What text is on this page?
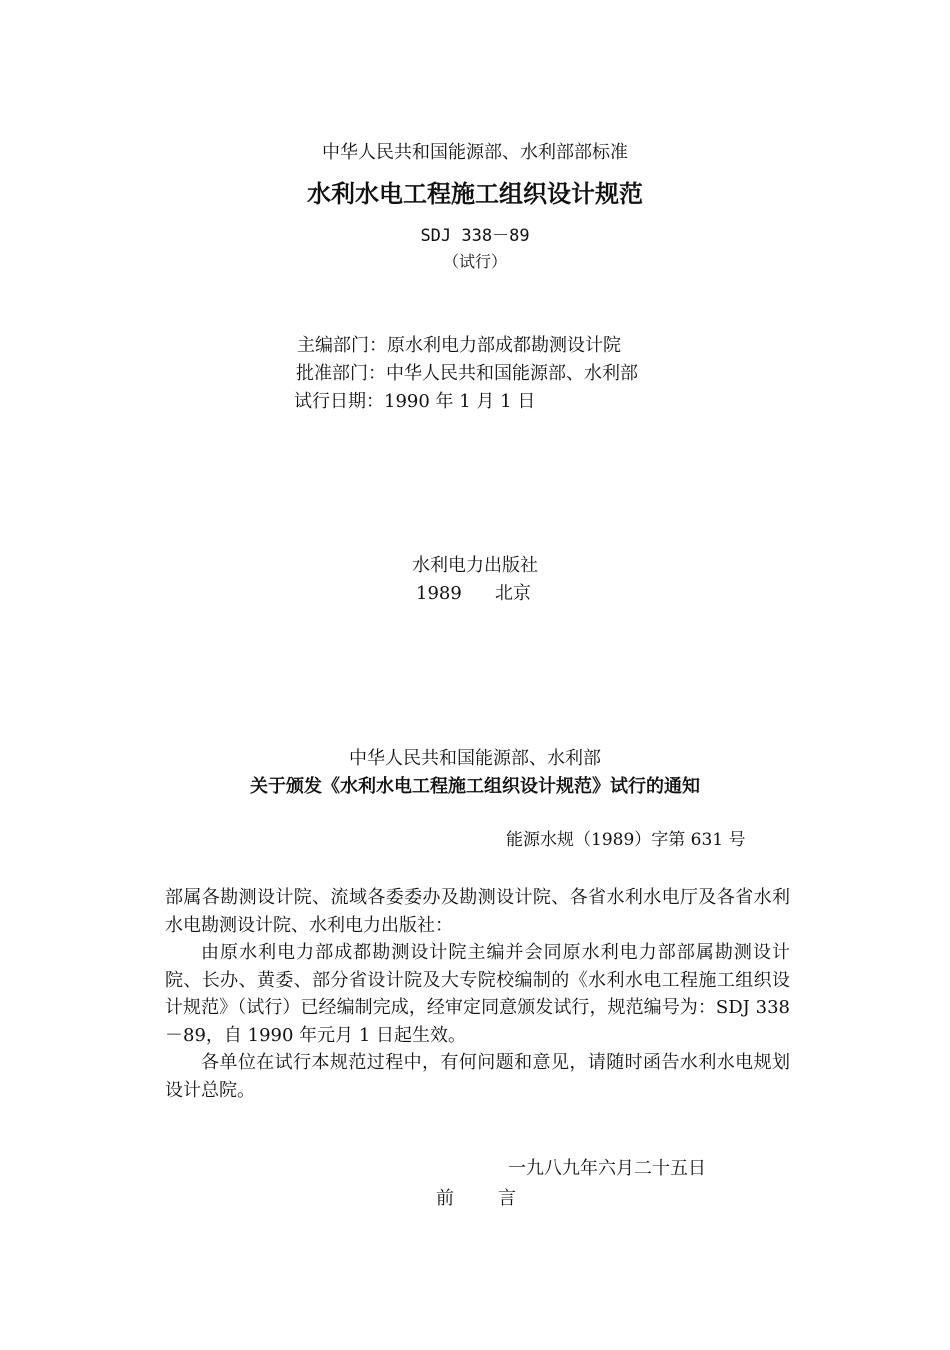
中华人民共和国能源部、水利部部标准
水利水电工程施工组织设计规范
SDJ 338－89
（试行）
主编部门：原水利电力部成都勘测设计院
批准部门：中华人民共和国能源部、水利部
试行日期：1990 年 1 月 1 日
水利电力出版社
1989 北京
中华人民共和国能源部、水利部
关于颁发《水利水电工程施工组织设计规范》试行的通知
能源水规（1989）字第 631 号
部属各勘测设计院、流域各委委办及勘测设计院、各省水利水电厅及各省水利水电勘测设计院、水利电力出版社：
由原水利电力部成都勘测设计院主编并会同原水利电力部部属勘测设计院、长办、黄委、部分省设计院及大专院校编制的《水利水电工程施工组织设计规范》（试行）已经编制完成，经审定同意颁发试行，规范编号为：SDJ 338－89，自 1990 年元月 1 日起生效。
各单位在试行本规范过程中，有何问题和意见，请随时函告水利水电规划设计总院。
一九八九年六月二十五日
前 言
